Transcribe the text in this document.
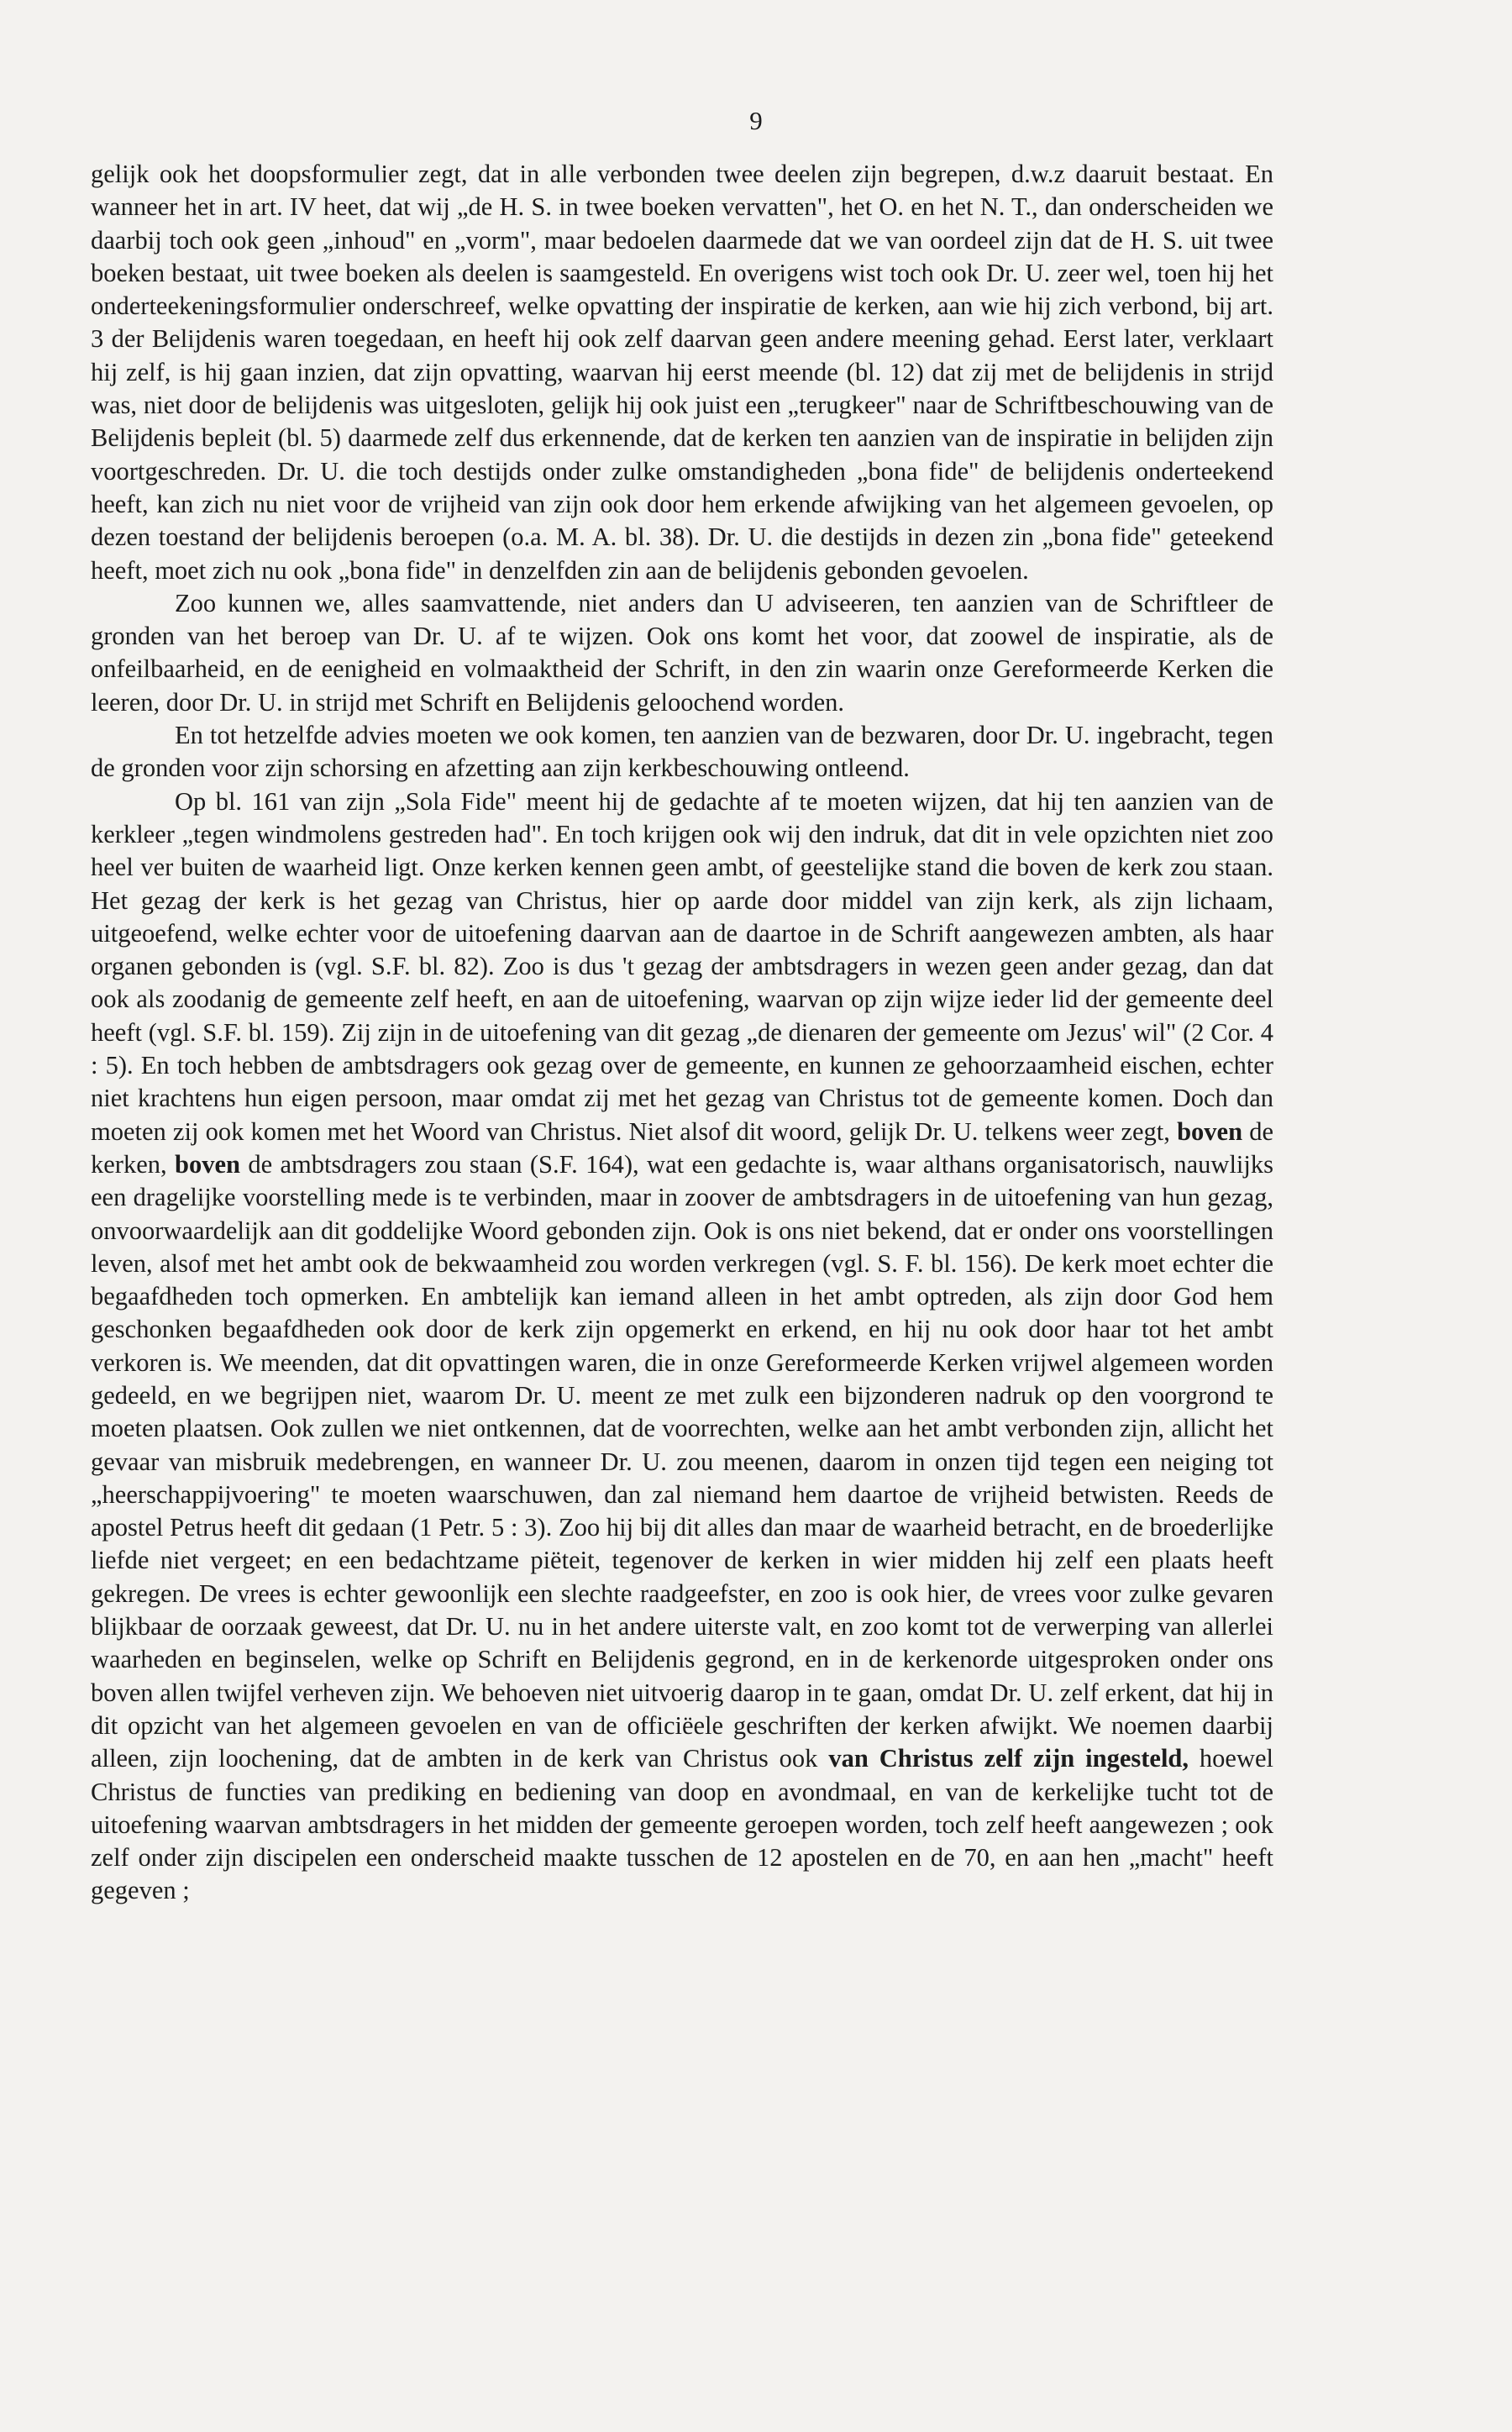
9

gelijk ook het doopsformulier zegt, dat in alle verbonden twee deelen zijn begrepen, d.w.z daaruit bestaat. En wanneer het in art. IV heet, dat wij „de H. S. in twee boeken vervatten", het O. en het N. T., dan onderscheiden we daarbij toch ook geen „inhoud" en „vorm", maar bedoelen daarmede dat we van oordeel zijn dat de H. S. uit twee boeken bestaat, uit twee boeken als deelen is saamgesteld. En overigens wist toch ook Dr. U. zeer wel, toen hij het onderteekeningsformulier onderschreef, welke opvatting der inspiratie de kerken, aan wie hij zich verbond, bij art. 3 der Belijdenis waren toegedaan, en heeft hij ook zelf daarvan geen andere meening gehad. Eerst later, verklaart hij zelf, is hij gaan inzien, dat zijn opvatting, waarvan hij eerst meende (bl. 12) dat zij met de belijdenis in strijd was, niet door de belijdenis was uitgesloten, gelijk hij ook juist een „terugkeer" naar de Schriftbeschouwing van de Belijdenis bepleit (bl. 5) daarmede zelf dus erkennende, dat de kerken ten aanzien van de inspiratie in belijden zijn voortgeschreden. Dr. U. die toch destijds onder zulke omstandigheden „bona fide" de belijdenis onderteekend heeft, kan zich nu niet voor de vrijheid van zijn ook door hem erkende afwijking van het algemeen gevoelen, op dezen toestand der belijdenis beroepen (o.a. M. A. bl. 38). Dr. U. die destijds in dezen zin „bona fide" geteekend heeft, moet zich nu ook „bona fide" in denzelfden zin aan de belijdenis gebonden gevoelen.

Zoo kunnen we, alles saamvattende, niet anders dan U adviseeren, ten aanzien van de Schriftleer de gronden van het beroep van Dr. U. af te wijzen. Ook ons komt het voor, dat zoowel de inspiratie, als de onfeilbaarheid, en de eenigheid en volmaaktheid der Schrift, in den zin waarin onze Gereformeerde Kerken die leeren, door Dr. U. in strijd met Schrift en Belijdenis geloochend worden.

En tot hetzelfde advies moeten we ook komen, ten aanzien van de bezwaren, door Dr. U. ingebracht, tegen de gronden voor zijn schorsing en afzetting aan zijn kerkbeschouwing ontleend.

Op bl. 161 van zijn „Sola Fide" meent hij de gedachte af te moeten wijzen, dat hij ten aanzien van de kerkleer „tegen windmolens gestreden had". En toch krijgen ook wij den indruk, dat dit in vele opzichten niet zoo heel ver buiten de waarheid ligt. Onze kerken kennen geen ambt, of geestelijke stand die boven de kerk zou staan. Het gezag der kerk is het gezag van Christus, hier op aarde door middel van zijn kerk, als zijn lichaam, uitgeoefend, welke echter voor de uitoefening daarvan aan de daartoe in de Schrift aangewezen ambten, als haar organen gebonden is (vgl. S.F. bl. 82). Zoo is dus 't gezag der ambtsdragers in wezen geen ander gezag, dan dat ook als zoodanig de gemeente zelf heeft, en aan de uitoefening, waarvan op zijn wijze ieder lid der gemeente deel heeft (vgl. S.F. bl. 159). Zij zijn in de uitoefening van dit gezag „de dienaren der gemeente om Jezus' wil" (2 Cor. 4 : 5). En toch hebben de ambtsdragers ook gezag over de gemeente, en kunnen ze gehoorzaamheid eischen, echter niet krachtens hun eigen persoon, maar omdat zij met het gezag van Christus tot de gemeente komen. Doch dan moeten zij ook komen met het Woord van Christus. Niet alsof dit woord, gelijk Dr. U. telkens weer zegt, boven de kerken, boven de ambtsdragers zou staan (S.F. 164), wat een gedachte is, waar althans organisatorisch, nauwlijks een dragelijke voorstelling mede is te verbinden, maar in zoover de ambtsdragers in de uitoefening van hun gezag, onvoorwaardelijk aan dit goddelijke Woord gebonden zijn. Ook is ons niet bekend, dat er onder ons voorstellingen leven, alsof met het ambt ook de bekwaamheid zou worden verkregen (vgl. S. F. bl. 156). De kerk moet echter die begaafdheden toch opmerken. En ambtelijk kan iemand alleen in het ambt optreden, als zijn door God hem geschonken begaafdheden ook door de kerk zijn opgemerkt en erkend, en hij nu ook door haar tot het ambt verkoren is. We meenden, dat dit opvattingen waren, die in onze Gereformeerde Kerken vrijwel algemeen worden gedeeld, en we begrijpen niet, waarom Dr. U. meent ze met zulk een bijzonderen nadruk op den voorgrond te moeten plaatsen. Ook zullen we niet ontkennen, dat de voorrechten, welke aan het ambt verbonden zijn, allicht het gevaar van misbruik medebrengen, en wanneer Dr. U. zou meenen, daarom in onzen tijd tegen een neiging tot „heerschappijvoering" te moeten waarschuwen, dan zal niemand hem daartoe de vrijheid betwisten. Reeds de apostel Petrus heeft dit gedaan (1 Petr. 5 : 3). Zoo hij bij dit alles dan maar de waarheid betracht, en de broederlijke liefde niet vergeet; en een bedachtzame piëteit, tegenover de kerken in wier midden hij zelf een plaats heeft gekregen. De vrees is echter gewoonlijk een slechte raadgeefster, en zoo is ook hier, de vrees voor zulke gevaren blijkbaar de oorzaak geweest, dat Dr. U. nu in het andere uiterste valt, en zoo komt tot de verwerping van allerlei waarheden en beginselen, welke op Schrift en Belijdenis gegrond, en in de kerkenorde uitgesproken onder ons boven allen twijfel verheven zijn. We behoeven niet uitvoerig daarop in te gaan, omdat Dr. U. zelf erkent, dat hij in dit opzicht van het algemeen gevoelen en van de officiëele geschriften der kerken afwijkt. We noemen daarbij alleen, zijn loochening, dat de ambten in de kerk van Christus ook van Christus zelf zijn ingesteld, hoewel Christus de functies van prediking en bediening van doop en avondmaal, en van de kerkelijke tucht tot de uitoefening waarvan ambtsdragers in het midden der gemeente geroepen worden, toch zelf heeft aangewezen ; ook zelf onder zijn discipelen een onderscheid maakte tusschen de 12 apostelen en de 70, en aan hen „macht" heeft gegeven ;
